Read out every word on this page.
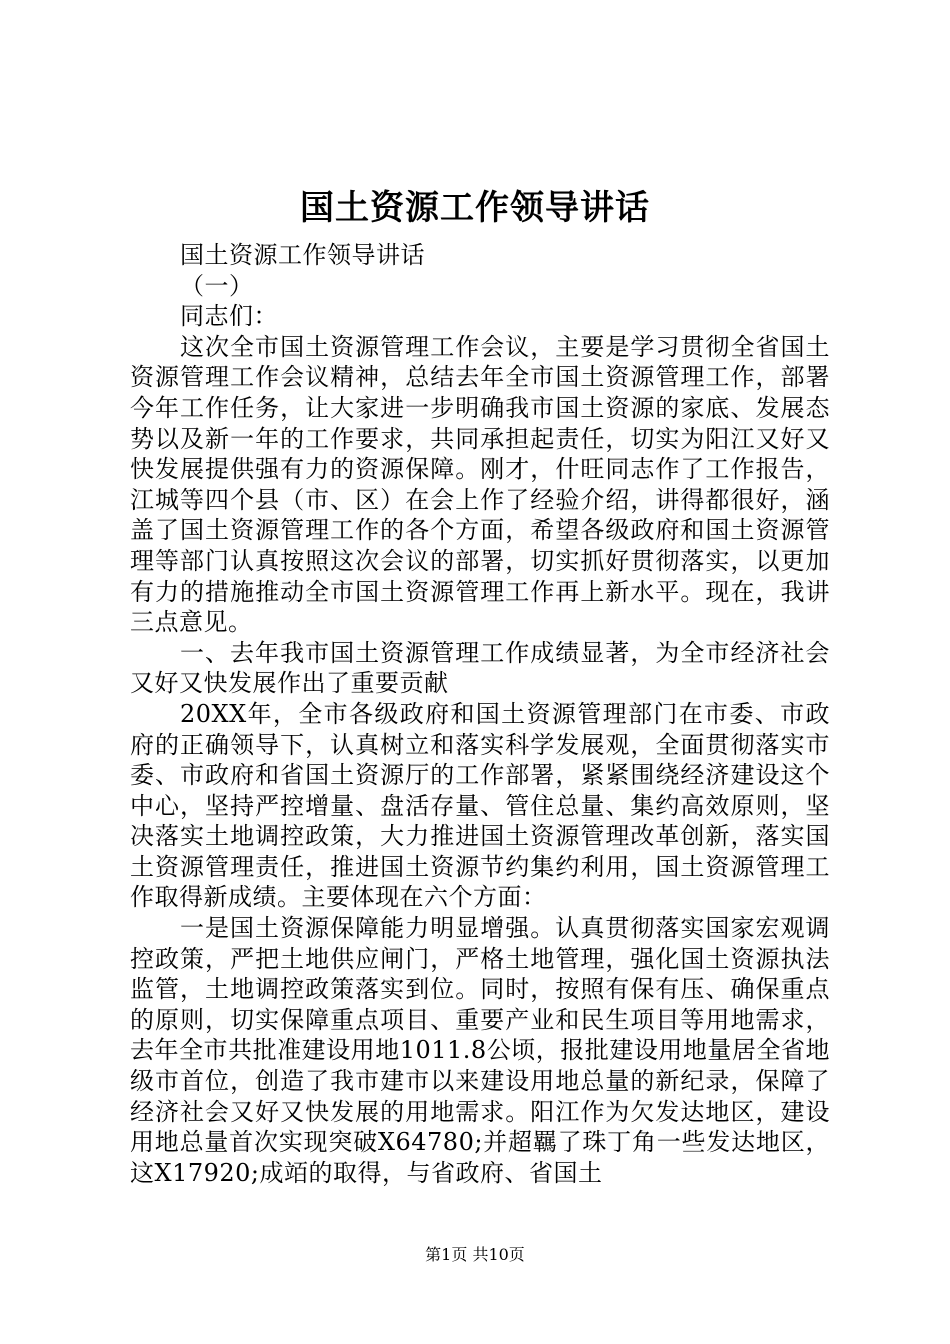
国土资源工作领导讲话

国土资源工作领导讲话

（一）

同志们：

这次全市国土资源管理工作会议，主要是学习贯彻全省国土资源管理工作会议精神，总结去年全市国土资源管理工作，部署今年工作任务，让大家进一步明确我市国土资源的家底、发展态势以及新一年的工作要求，共同承担起责任，切实为阳江又好又快发展提供强有力的资源保障。刚才，什旺同志作了工作报告，江城等四个县（市、区）在会上作了经验介绍，讲得都很好，涵盖了国土资源管理工作的各个方面，希望各级政府和国土资源管理等部门认真按照这次会议的部署，切实抓好贯彻落实，以更加有力的措施推动全市国土资源管理工作再上新水平。现在，我讲三点意见。

一、去年我市国土资源管理工作成绩显著，为全市经济社会又好又快发展作出了重要贡献

20XX年，全市各级政府和国土资源管理部门在市委、市政府的正确领导下，认真树立和落实科学发展观，全面贯彻落实市委、市政府和省国土资源厅的工作部署，紧紧围绕经济建设这个中心，坚持严控增量、盘活存量、管住总量、集约高效原则，坚决落实土地调控政策，大力推进国土资源管理改革创新，落实国土资源管理责任，推进国土资源节约集约利用，国土资源管理工作取得新成绩。主要体现在六个方面：

一是国土资源保障能力明显增强。认真贯彻落实国家宏观调控政策，严把土地供应闸门，严格土地管理，强化国土资源执法监管，土地调控政策落实到位。同时，按照有保有压、确保重点的原则，切实保障重点项目、重要产业和民生项目等用地需求，去年全市共批准建设用地1011.8公顷，报批建设用地量居全省地级市首位，创造了我市建市以来建设用地总量的新纪录，保障了经济社会又好又快发展的用地需求。阳江作为欠发达地区，建设用地总量首次实现突破X64780;并超羈了珠丁角一些发达地区，这X17920;成竡的取得，与省政府、省国土

第1页 共10页
